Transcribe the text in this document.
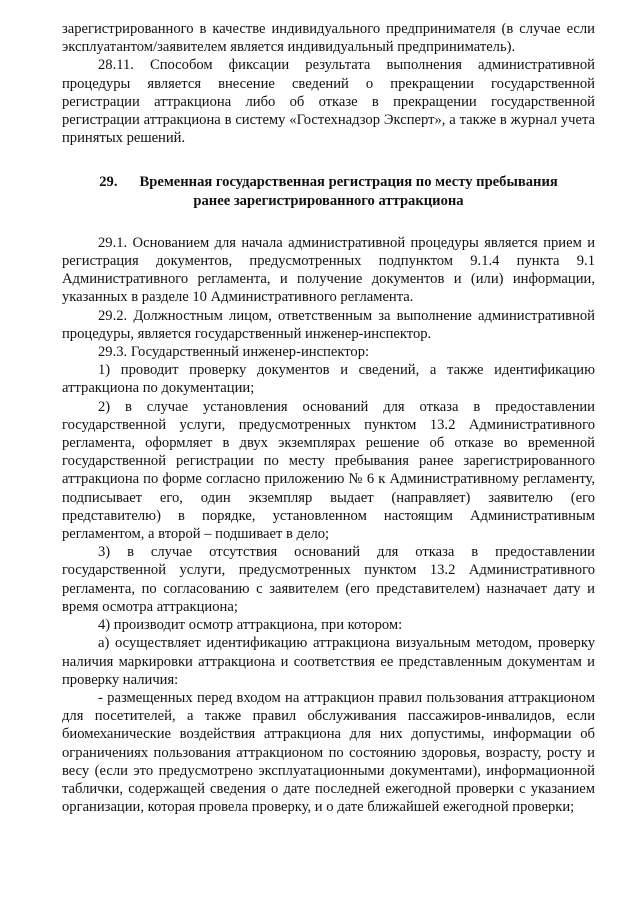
зарегистрированного в качестве индивидуального предпринимателя (в случае если эксплуатантом/заявителем является индивидуальный предприниматель).

28.11. Способом фиксации результата выполнения административной процедуры является внесение сведений о прекращении государственной регистрации аттракциона либо об отказе в прекращении государственной регистрации аттракциона в систему «Гостехнадзор Эксперт», а также в журнал учета принятых решений.

29. Временная государственная регистрация по месту пребывания ранее зарегистрированного аттракциона

29.1. Основанием для начала административной процедуры является прием и регистрация документов, предусмотренных подпунктом 9.1.4 пункта 9.1 Административного регламента, и получение документов и (или) информации, указанных в разделе 10 Административного регламента.

29.2. Должностным лицом, ответственным за выполнение административной процедуры, является государственный инженер-инспектор.

29.3. Государственный инженер-инспектор:

1) проводит проверку документов и сведений, а также идентификацию аттракциона по документации;

2) в случае установления оснований для отказа в предоставлении государственной услуги, предусмотренных пунктом 13.2 Административного регламента, оформляет в двух экземплярах решение об отказе во временной государственной регистрации по месту пребывания ранее зарегистрированного аттракциона по форме согласно приложению № 6 к Административному регламенту, подписывает его, один экземпляр выдает (направляет) заявителю (его представителю) в порядке, установленном настоящим Административным регламентом, а второй – подшивает в дело;

3) в случае отсутствия оснований для отказа в предоставлении государственной услуги, предусмотренных пунктом 13.2 Административного регламента, по согласованию с заявителем (его представителем) назначает дату и время осмотра аттракциона;

4) производит осмотр аттракциона, при котором:

а) осуществляет идентификацию аттракциона визуальным методом, проверку наличия маркировки аттракциона и соответствия ее представленным документам и проверку наличия:

- размещенных перед входом на аттракцион правил пользования аттракционом для посетителей, а также правил обслуживания пассажиров-инвалидов, если биомеханические воздействия аттракциона для них допустимы, информации об ограничениях пользования аттракционом по состоянию здоровья, возрасту, росту и весу (если это предусмотрено эксплуатационными документами), информационной таблички, содержащей сведения о дате последней ежегодной проверки с указанием организации, которая провела проверку, и о дате ближайшей ежегодной проверки;
